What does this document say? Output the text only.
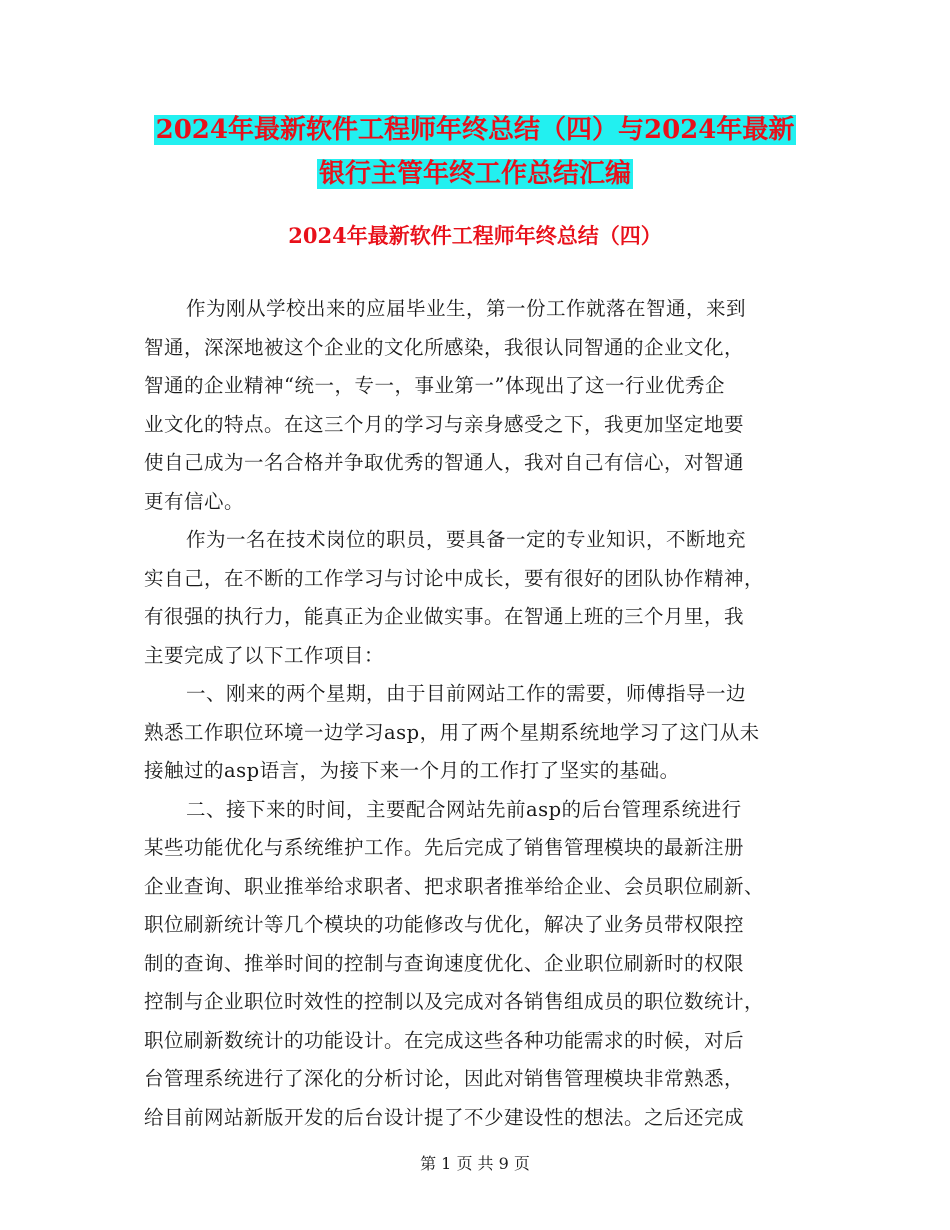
2024年最新软件工程师年终总结（四）与2024年最新
银行主管年终工作总结汇编
2024年最新软件工程师年终总结（四）
作为刚从学校出来的应届毕业生，第一份工作就落在智通，来到
智通，深深地被这个企业的文化所感染，我很认同智通的企业文化，
智通的企业精神“统一，专一，事业第一”体现出了这一行业优秀企
业文化的特点。在这三个月的学习与亲身感受之下，我更加坚定地要
使自己成为一名合格并争取优秀的智通人，我对自己有信心，对智通
更有信心。
作为一名在技术岗位的职员，要具备一定的专业知识，不断地充
实自己，在不断的工作学习与讨论中成长，要有很好的团队协作精神，
有很强的执行力，能真正为企业做实事。在智通上班的三个月里，我
主要完成了以下工作项目：
一、刚来的两个星期，由于目前网站工作的需要，师傅指导一边
熟悉工作职位环境一边学习asp，用了两个星期系统地学习了这门从未
接触过的asp语言，为接下来一个月的工作打了坚实的基础。
二、接下来的时间，主要配合网站先前asp的后台管理系统进行
某些功能优化与系统维护工作。先后完成了销售管理模块的最新注册
企业查询、职业推举给求职者、把求职者推举给企业、会员职位刷新、
职位刷新统计等几个模块的功能修改与优化，解决了业务员带权限控
制的查询、推举时间的控制与查询速度优化、企业职位刷新时的权限
控制与企业职位时效性的控制以及完成对各销售组成员的职位数统计，
职位刷新数统计的功能设计。在完成这些各种功能需求的时候，对后
台管理系统进行了深化的分析讨论，因此对销售管理模块非常熟悉，
给目前网站新版开发的后台设计提了不少建设性的想法。之后还完成
第 1 页 共 9 页
